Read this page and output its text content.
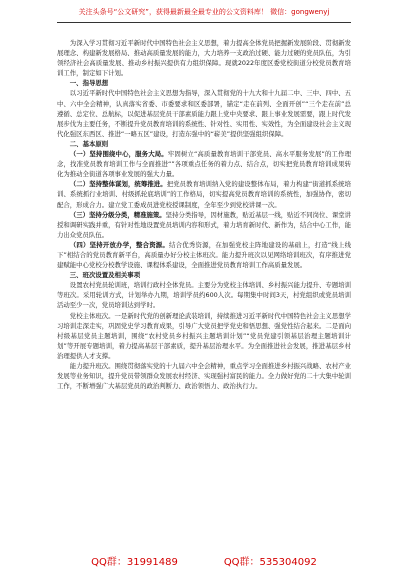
关注头条号“公文研究”，获得最新最全最专业的公文资料库！ 微信：gongwenyj

为深入学习贯彻习近平新时代中国特色社会主义思想，着力提高全体党员把握新发展阶段、贯彻新发展理念、构建新发展格局、推动高质量发展的能力，大力培养一支政治过硬、能力过硬的党员队伍，为引领经济社会高质量发展、推动乡村振兴提供有力组织保障。现就2022年度区委党校街道分校党员教育培训工作，制定如下计划。

一、指导思想

以习近平新时代中国特色社会主义思想为指导，深入贯彻党的十九大和十九届二中、三中、四中、五中、六中全会精神，认真落实省委、市委要求和区委部署，锚定“走在前列、全面开创”“三个走在前”总遵循、总定位、总航标，以促进基层党员干部素质能力跟上党中央要求、跟上事业发展需要，跟上时代发展步伐为主要任务，不断提升党员教育培训的系统性、针对性、实用性、实效性，为全面建设社会主义现代化强区东西区、推进“一略五区”建设，打造东强中的“崭美”提供坚强组织保障。

二、基本原则

（一）坚持围绕中心，服务大局。牢固树立“高质量教育培训干部党员、高水平服务发展”的工作理念，找准党员教育培训工作与全面推进“”各项重点任务的着力点、结合点，切实把党员教育培训成果转化为推动全街道各项事业发展的强大力量。

（二）坚持整体谋划，统筹推进。把党员教育培训纳入党的建设整体布局，着力构建“街道抓系统培训、系统抓行业培训、村级抓轮底培训”的工作格局，切实提高党员教育培训的系统性，加强协作，密切配合，形成合力。建立党工委成员进党校授课制度，全年至少到党校讲课一次。

（三）坚持分级分类，精准施策。坚持分类指导，因材施教，贴近基层一线，贴近不同岗位、课堂讲授和调研实践并重，有针对性地设置党员培训内容和形式，着力培育新时代、新作为，结合中心工作，能力出众党员队伍。

（四）坚持开放办学，整合资源。结合优秀资源，在加强党校主阵地建设的基础上，打造“线上线下”相结合的党员教育新平台，高质量办好分校主体班次。能力提升班次以见网络培训班次，有序推进党建赋能中心党校分校教学设施、课程体系建设，全面推进党员教育培训工作高质量发展。

三、班次设置及相关事项

设置农村党员轮训班，培训行政村全体党员。主要分为党校主体培训、乡村振兴能力提升、专题培训等班次。采用轮训方式，计划举办九期，培训学员约600人次。每期集中时间3天，村党组织或党员培训活动至少一次，党员培训达到学时。

党校主体班次。一是新时代党的创新理论武装培训，持续推进习近平新时代中国特色社会主义思想学习培训走深走实，巩固党史学习教育成果，引导广大党员把学党史和悟思想、强党性结合起来。二是面向村级基层党员主题培训，围绕“农村党员乡村振兴主题培训计划”“党员党建引领基层治理主题培训计划”等开展专题培训，着力提高基层干部素质，提升基层治理水平。为全面推进社会发展，推进基层乡村治理提供人才支撑。

能力提升班次。围绕贯彻落实党的十九届六中全会精神，重点学习全面推进乡村振兴战略、农村产业发展等业务知识，提升党员带领群众发展农村经济、实现强村富民的能力。全力做好党的二十大集中轮训工作，不断增强广大基层党员的政治判断力、政治领悟力、政治执行力。

QQ群：31991489	QQ群：535304092
